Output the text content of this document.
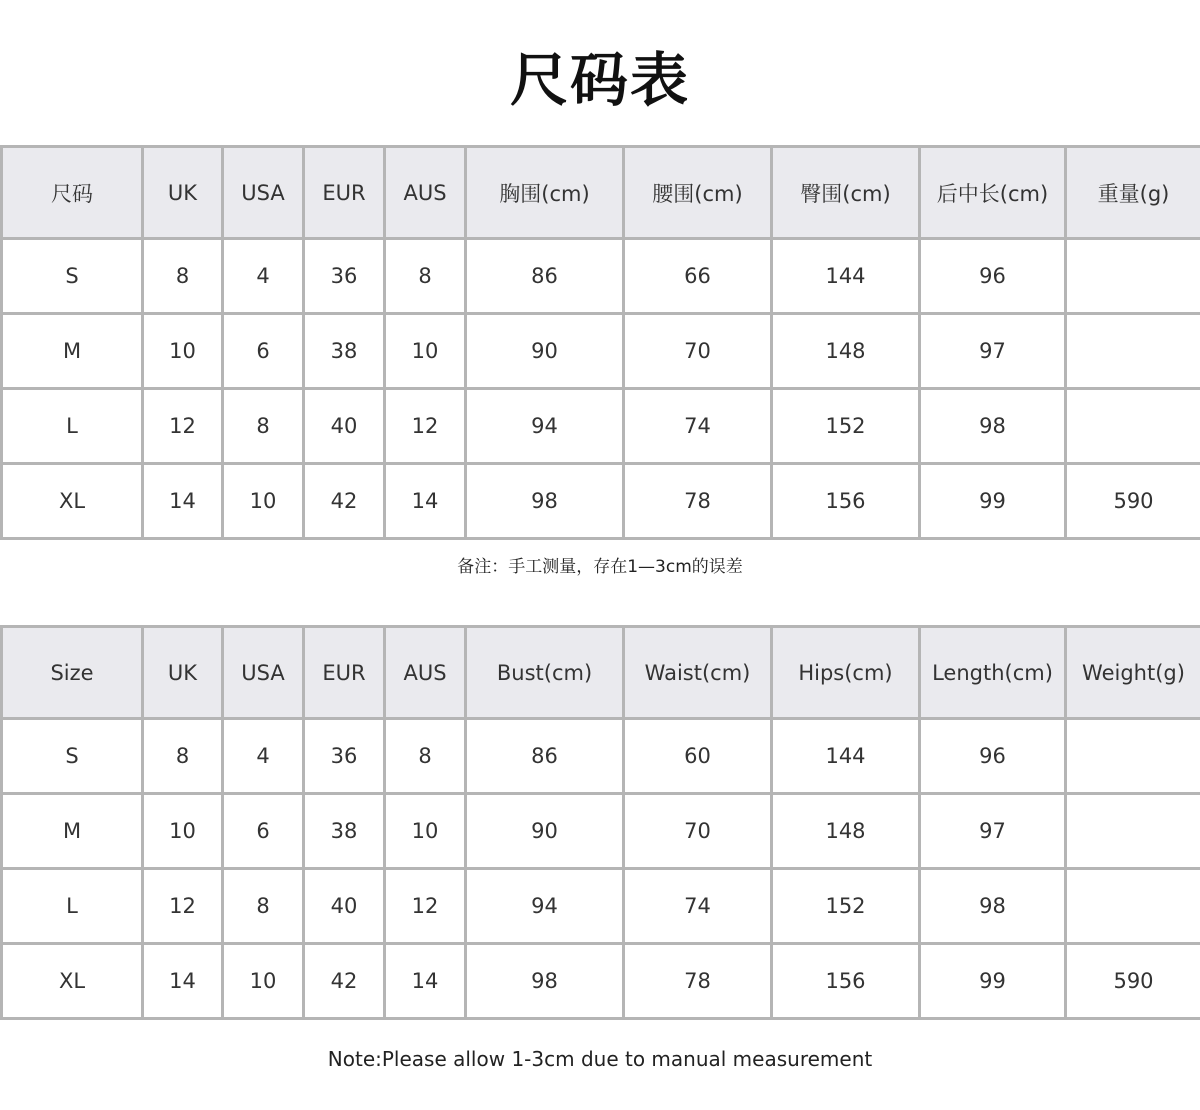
尺码表
尺码	UK	USA	EUR	AUS	胸围(cm)	腰围(cm)	臀围(cm)	后中长(cm)	重量(g)
S	8	4	36	8	86	66	144	96	
M	10	6	38	10	90	70	148	97	
L	12	8	40	12	94	74	152	98	
XL	14	10	42	14	98	78	156	99	590
备注：手工测量，存在1—3cm的误差
Size	UK	USA	EUR	AUS	Bust(cm)	Waist(cm)	Hips(cm)	Length(cm)	Weight(g)
S	8	4	36	8	86	60	144	96	
M	10	6	38	10	90	70	148	97	
L	12	8	40	12	94	74	152	98	
XL	14	10	42	14	98	78	156	99	590
Note:Please allow 1-3cm due to manual measurement
